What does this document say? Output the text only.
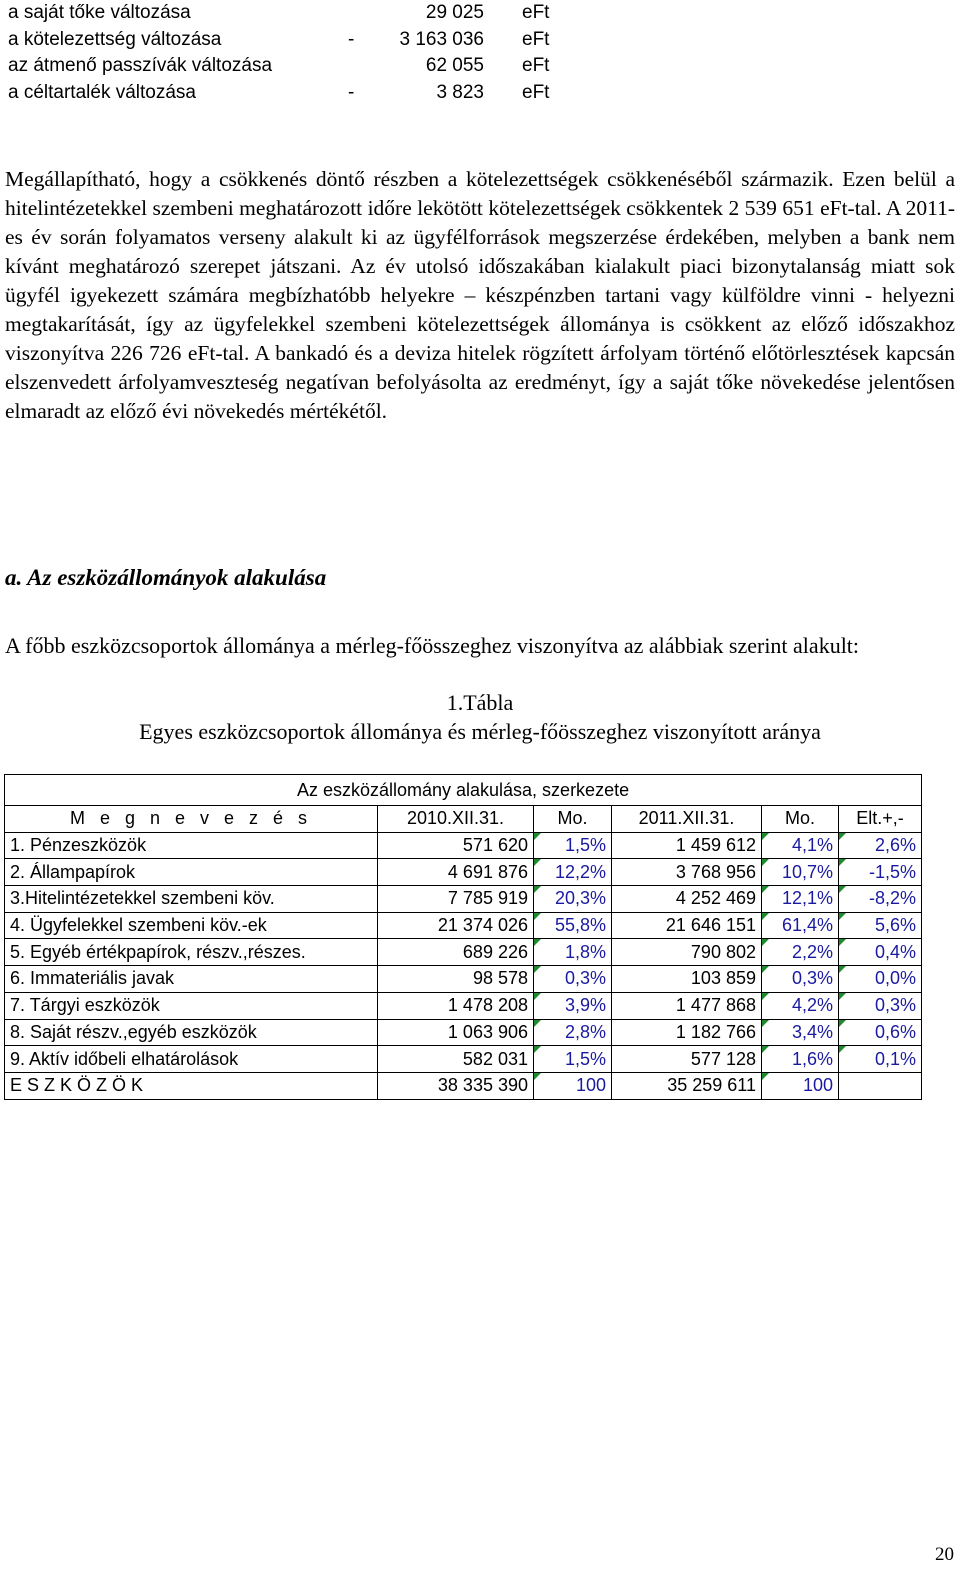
a saját tőke változása	29 025 eFt
a kötelezettség változása	- 3 163 036 eFt
az átmenő passzívák változása	62 055 eFt
a céltartalék változása	-	3 823 eFt

Megállapítható, hogy a csökkenés döntő részben a kötelezettségek csökkenéséből származik. Ezen belül a hitelintézetekkel szembeni meghatározott időre lekötött kötelezettségek csökkentek 2 539 651 eFt-tal. A 2011-es év során folyamatos verseny alakult ki az ügyfélforrások megszerzése érdekében, melyben a bank nem kívánt meghatározó szerepet játszani. Az év utolsó időszakában kialakult piaci bizonytalanság miatt sok ügyfél igyekezett számára megbízhatóbb helyekre – készpénzben tartani vagy külföldre vinni - helyezni megtakarítását, így az ügyfelekkel szembeni kötelezettségek állománya is csökkent az előző időszakhoz viszonyítva 226 726 eFt-tal. A bankadó és a deviza hitelek rögzített árfolyam történő előtörlesztések kapcsán elszenvedett árfolyamveszteség negatívan befolyásolta az eredményt, így a saját tőke növekedése jelentősen elmaradt az előző évi növekedés mértékétől.

a. Az eszközállományok alakulása

A főbb eszközcsoportok állománya a mérleg-főösszeghez viszonyítva az alábbiak szerint alakult:

1.Tábla
Egyes eszközcsoportok állománya és mérleg-főösszeghez viszonyított aránya
Az eszközállomány alakulása, szerkezete					
M e g n e v e z é s	2010.XII.31.	Mo.	2011.XII.31.	Mo.	Elt.+,-
1. Pénzeszközök	571 620	1,5%	1 459 612	4,1%	2,6%
2. Állampapírok	4 691 876	12,2%	3 768 956	10,7%	-1,5%
3.Hitelintézetekkel szembeni köv.	7 785 919	20,3%	4 252 469	12,1%	-8,2%
4. Ügyfelekkel szembeni köv.-ek	21 374 026	55,8%	21 646 151	61,4%	5,6%
5. Egyéb értékpapírok, részv.,részes.	689 226	1,8%	790 802	2,2%	0,4%
6. Immateriális javak	98 578	0,3%	103 859	0,3%	0,0%
7. Tárgyi eszközök	1 478 208	3,9%	1 477 868	4,2%	0,3%
8. Saját részv.,egyéb eszközök	1 063 906	2,8%	1 182 766	3,4%	0,6%
9. Aktív időbeli elhatárolások	582 031	1,5%	577 128	1,6%	0,1%
E S Z K Ö Z Ö K	38 335 390	100	35 259 611	100	
20
